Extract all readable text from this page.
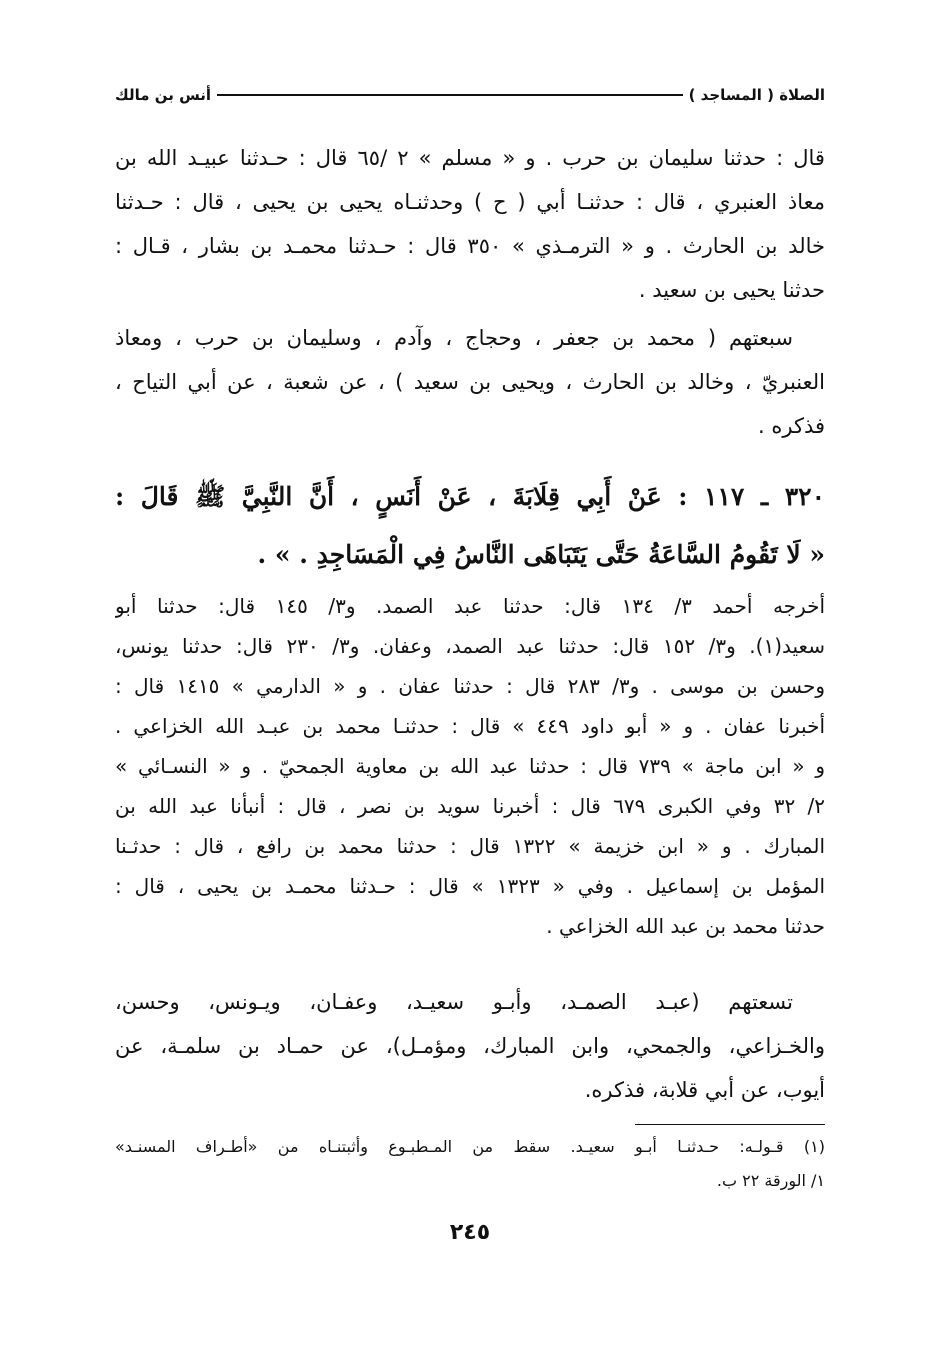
الصلاة ( المساجد )
أنس بن مالك
قال : حدثنا سليمان بن حرب . و « مسلم » ٢ /٦٥ قال : حـدثنا عبيـد الله بن
معاذ العنبري ، قال : حدثنـا أبي ( ح ) وحدثنـاه يحيى بن يحيى ، قال : حـدثنا
خالد بن الحارث . و « الترمـذي » ٣٥٠ قال : حـدثنا محمـد بن بشار ، قـال :
حدثنا يحيى بن سعيد .
سبعتهم ( محمد بن جعفر ، وحجاج ، وآدم ، وسليمان بن حرب ، ومعاذ
العنبريّ ، وخالد بن الحارث ، ويحيى بن سعيد ) ، عن شعبة ، عن أبي التياح ،
فذكره .
٣٢٠ ـ ١١٧ : عَنْ أَبِي قِلَابَةَ ، عَنْ أَنَسٍ ، أَنَّ النَّبِيَّ ﷺ قَالَ :
« لَا تَقُومُ السَّاعَةُ حَتَّى يَتَبَاهَى النَّاسُ فِي الْمَسَاجِدِ . » .
أخرجه أحمد ٣/ ١٣٤ قال: حدثنا عبد الصمد. و٣/ ١٤٥ قال: حدثنا أبو
سعيد(١). و٣/ ١٥٢ قال: حدثنا عبد الصمد، وعفان. و٣/ ٢٣٠ قال: حدثنا يونس،
وحسن بن موسى . و٣/ ٢٨٣ قال : حدثنا عفان . و « الدارمي » ١٤١٥ قال :
أخبرنا عفان . و « أبو داود ٤٤٩ » قال : حدثنـا محمد بن عبـد الله الخزاعي .
و « ابن ماجة » ٧٣٩ قال : حدثنا عبد الله بن معاوية الجمحيّ . و « النسـائي »
٢/ ٣٢ وفي الكبرى ٦٧٩ قال : أخبرنا سويد بن نصر ، قال : أنبأنا عبد الله بن
المبارك . و « ابن خزيمة » ١٣٢٢ قال : حدثنا محمد بن رافع ، قال : حدثـنا
المؤمل بن إسماعيل . وفي « ١٣٢٣ » قال : حـدثنا محمـد بن يحيى ، قال :
حدثنا محمد بن عبد الله الخزاعي .
تسعتهم (عبـد الصمـد، وأبـو سعيـد، وعفـان، ويـونس، وحسن،
والخـزاعي، والجمحي، وابن المبارك، ومؤمـل)، عن حمـاد بن سلمـة، عن
أيوب، عن أبي قلابة، فذكره.
(١) قـولـه: حـدثنـا أبـو سعيـد. سقط من المـطبـوع وأثبتنـاه من «أطـراف المسنـد»
١/ الورقة ٢٢ ب.
٢٤٥
